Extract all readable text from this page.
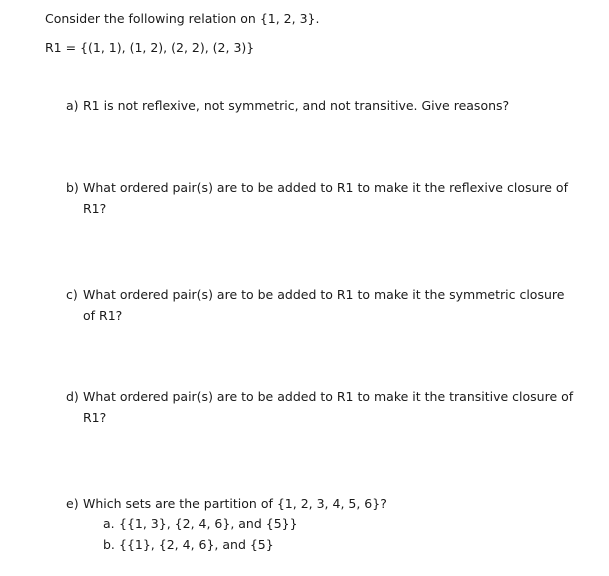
Consider the following relation on {1, 2, 3}.
R1 = {(1, 1), (1, 2), (2, 2), (2, 3)}
a) R1 is not reflexive, not symmetric, and not transitive. Give reasons?
b) What ordered pair(s) are to be added to R1 to make it the reflexive closure of
R1?
c) What ordered pair(s) are to be added to R1 to make it the symmetric closure
of R1?
d) What ordered pair(s) are to be added to R1 to make it the transitive closure of
R1?
e) Which sets are the partition of {1, 2, 3, 4, 5, 6}?
a. {{1, 3}, {2, 4, 6}, and {5}}
b. {{1}, {2, 4, 6}, and {5}
